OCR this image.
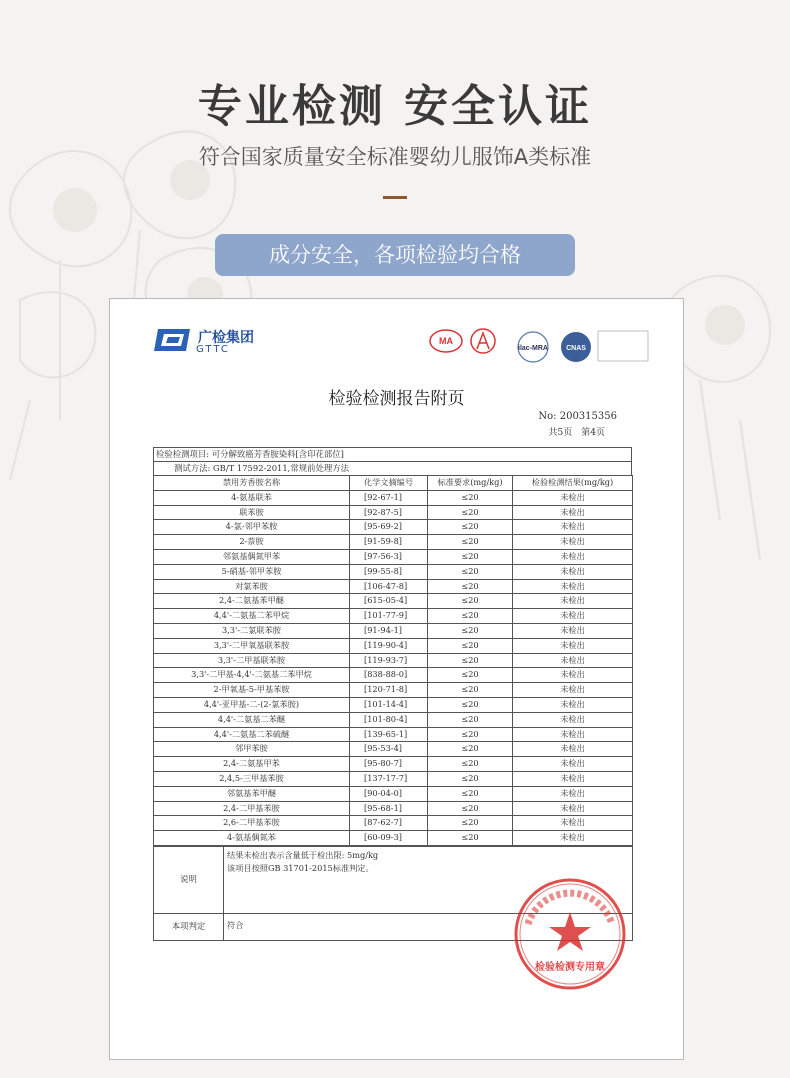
专业检测 安全认证
符合国家质量安全标准婴幼儿服饰A类标准
成分安全，各项检验均合格
广检集团
GTTC
MA
ilac-MRA	CNAS
检验检测报告附页
No: 200315356
共5页　第4页
检验检测项目: 可分解致癌芳香胺染料[含印花部位]
测试方法: GB/T 17592-2011,常规前处理方法
禁用芳香胺名称	化学文摘编号	标准要求(mg/kg)	检验检测结果(mg/kg)
4-氨基联苯	[92-67-1]	≤20	未检出
联苯胺	[92-87-5]	≤20	未检出
4-氯-邻甲苯胺	[95-69-2]	≤20	未检出
2-萘胺	[91-59-8]	≤20	未检出
邻氨基偶氮甲苯	[97-56-3]	≤20	未检出
5-硝基-邻甲苯胺	[99-55-8]	≤20	未检出
对氯苯胺	[106-47-8]	≤20	未检出
2,4-二氨基苯甲醚	[615-05-4]	≤20	未检出
4,4'-二氨基二苯甲烷	[101-77-9]	≤20	未检出
3,3'-二氯联苯胺	[91-94-1]	≤20	未检出
3,3'-二甲氧基联苯胺	[119-90-4]	≤20	未检出
3,3'-二甲基联苯胺	[119-93-7]	≤20	未检出
3,3'-二甲基-4,4'-二氨基二苯甲烷	[838-88-0]	≤20	未检出
2-甲氧基-5-甲基苯胺	[120-71-8]	≤20	未检出
4,4'-亚甲基-二-(2-氯苯胺)	[101-14-4]	≤20	未检出
4,4'-二氨基二苯醚	[101-80-4]	≤20	未检出
4,4'-二氨基二苯硫醚	[139-65-1]	≤20	未检出
邻甲苯胺	[95-53-4]	≤20	未检出
2,4-二氨基甲苯	[95-80-7]	≤20	未检出
2,4,5-三甲基苯胺	[137-17-7]	≤20	未检出
邻氨基苯甲醚	[90-04-0]	≤20	未检出
2,4-二甲基苯胺	[95-68-1]	≤20	未检出
2,6-二甲基苯胺	[87-62-7]	≤20	未检出
4-氨基偶氮苯	[60-09-3]	≤20	未检出
说明	结果未检出表示含量低于检出限: 5mg/kg
该项目按照GB 31701-2015标准判定。

本项判定	符合
检验检测专用章
